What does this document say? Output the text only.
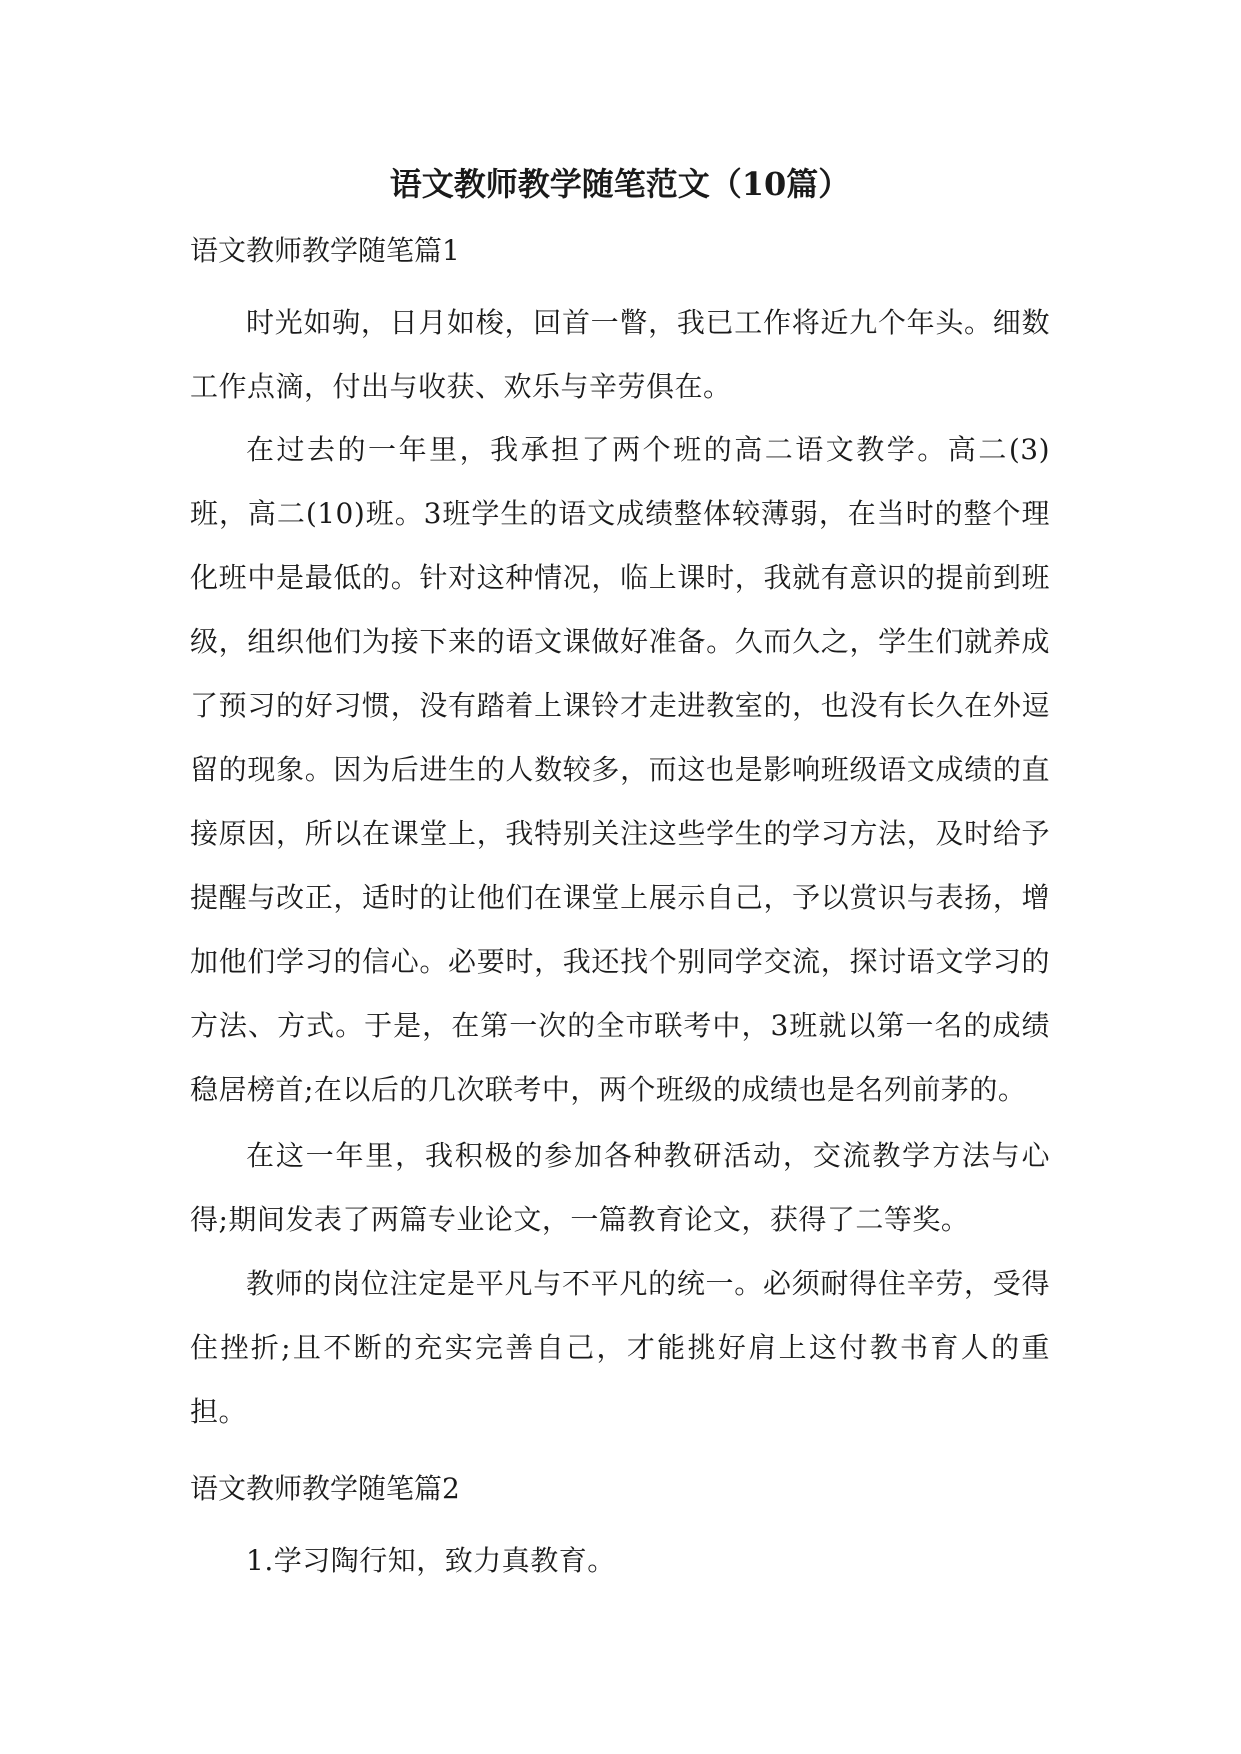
语文教师教学随笔范文（10篇）
语文教师教学随笔篇1

时光如驹，日月如梭，回首一瞥，我已工作将近九个年头。细数工作点滴，付出与收获、欢乐与辛劳俱在。

在过去的一年里，我承担了两个班的高二语文教学。高二(3)班，高二(10)班。3班学生的语文成绩整体较薄弱，在当时的整个理化班中是最低的。针对这种情况，临上课时，我就有意识的提前到班级，组织他们为接下来的语文课做好准备。久而久之，学生们就养成了预习的好习惯，没有踏着上课铃才走进教室的，也没有长久在外逗留的现象。因为后进生的人数较多，而这也是影响班级语文成绩的直接原因，所以在课堂上，我特别关注这些学生的学习方法，及时给予提醒与改正，适时的让他们在课堂上展示自己，予以赏识与表扬，增加他们学习的信心。必要时，我还找个别同学交流，探讨语文学习的方法、方式。于是，在第一次的全市联考中，3班就以第一名的成绩稳居榜首;在以后的几次联考中，两个班级的成绩也是名列前茅的。

在这一年里，我积极的参加各种教研活动，交流教学方法与心得;期间发表了两篇专业论文，一篇教育论文，获得了二等奖。

教师的岗位注定是平凡与不平凡的统一。必须耐得住辛劳，受得住挫折;且不断的充实完善自己，才能挑好肩上这付教书育人的重担。

语文教师教学随笔篇2

1.学习陶行知，致力真教育。
